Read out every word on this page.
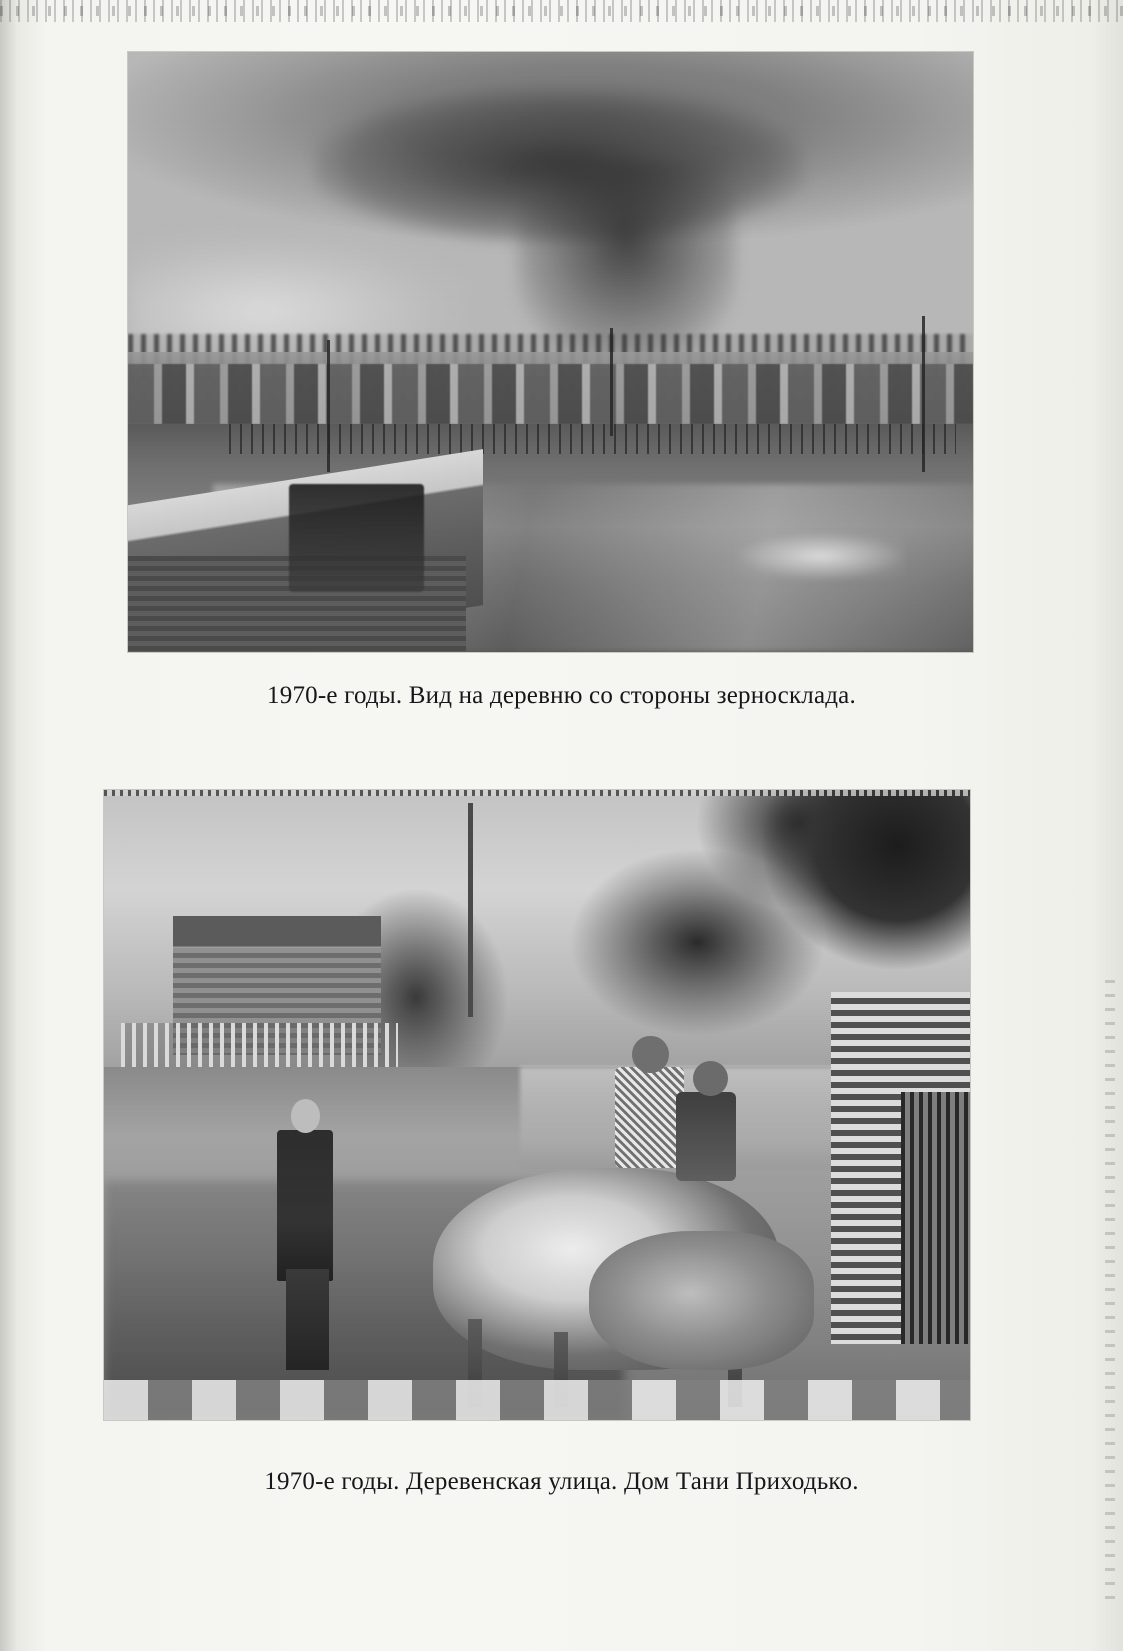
1970-е годы. Вид на деревню со стороны зерносклада.
1970-е годы. Деревенская улица. Дом Тани Приходько.
